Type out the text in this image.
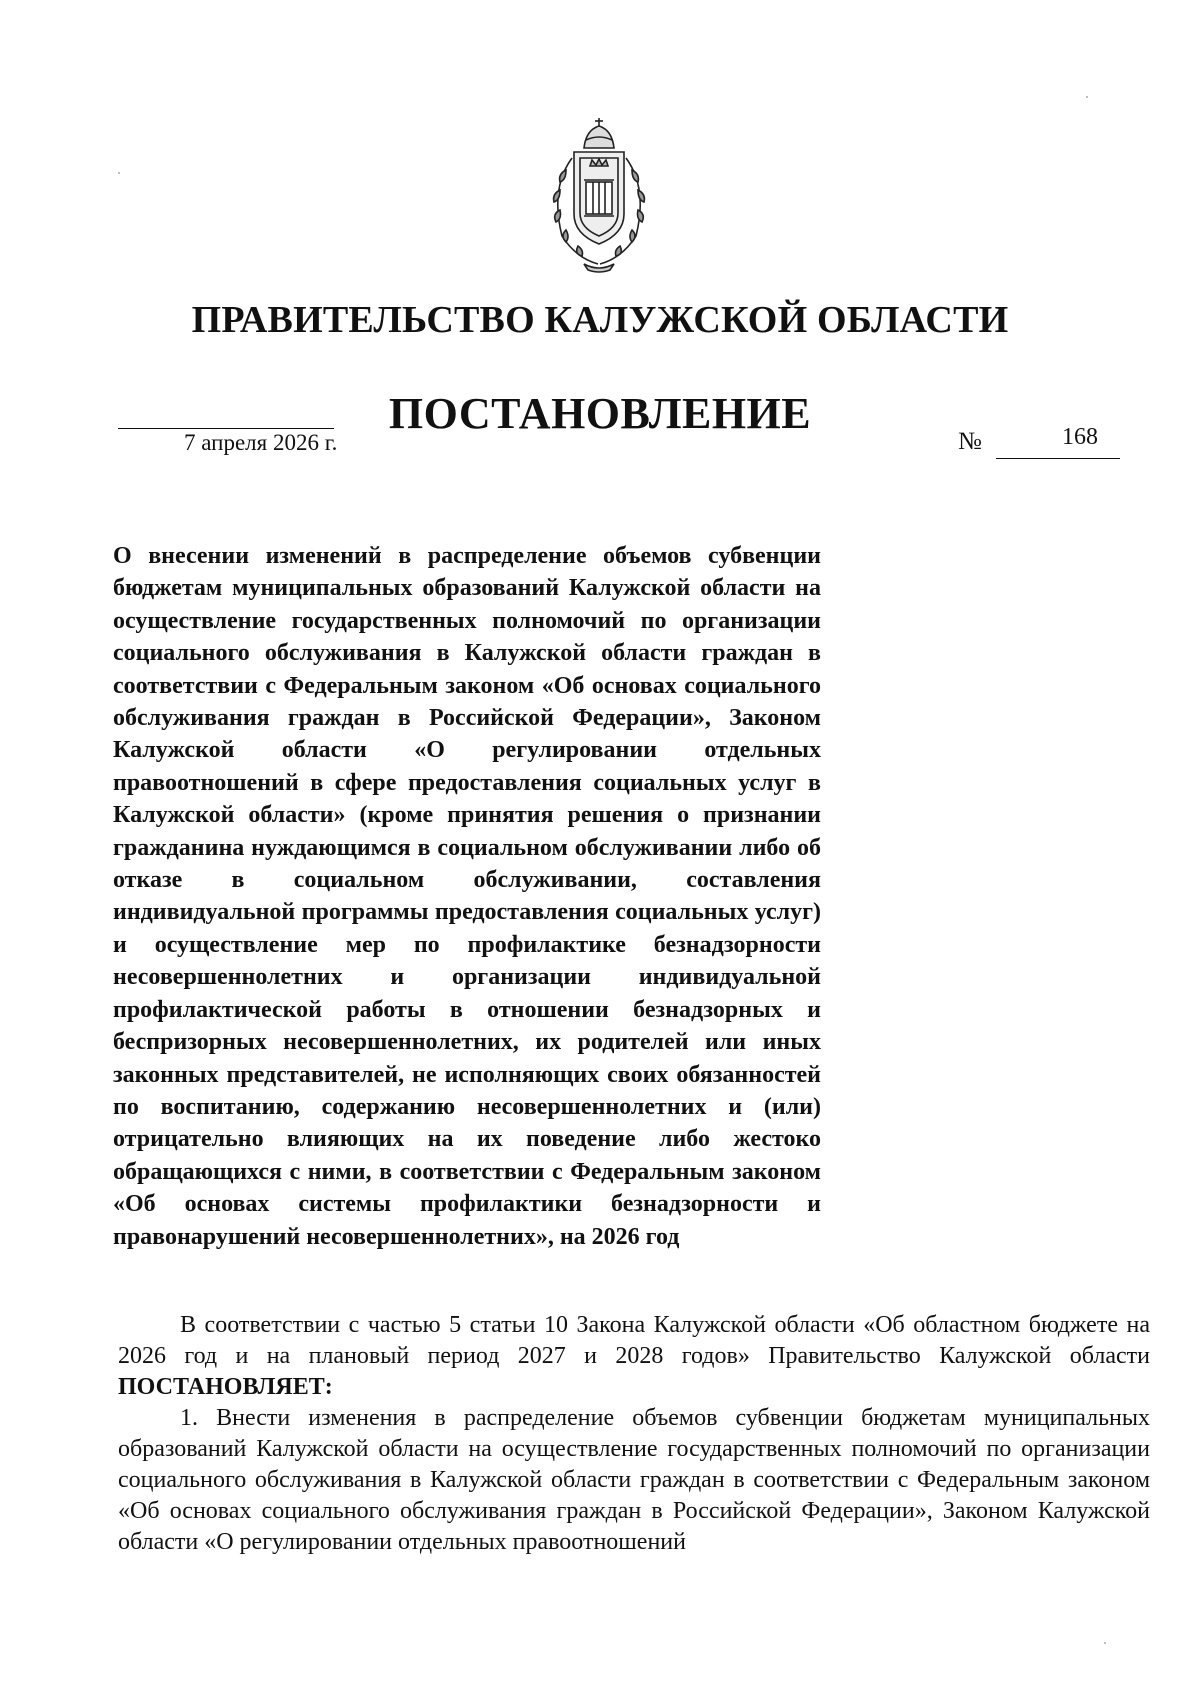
ПРАВИТЕЛЬСТВО КАЛУЖСКОЙ ОБЛАСТИ
ПОСТАНОВЛЕНИЕ
7 апреля 2026 г.	№	168
О внесении изменений в распределение объемов субвенции бюджетам муниципальных образований Калужской области на осуществление государственных полномочий по организации социального обслуживания в Калужской области граждан в соответствии с Федеральным законом «Об основах социального обслуживания граждан в Российской Федерации», Законом Калужской области «О регулировании отдельных правоотношений в сфере предоставления социальных услуг в Калужской области» (кроме принятия решения о признании гражданина нуждающимся в социальном обслуживании либо об отказе в социальном обслуживании, составления индивидуальной программы предоставления социальных услуг) и осуществление мер по профилактике безнадзорности несовершеннолетних и организации индивидуальной профилактической работы в отношении безнадзорных и беспризорных несовершеннолетних, их родителей или иных законных представителей, не исполняющих своих обязанностей по воспитанию, содержанию несовершеннолетних и (или) отрицательно влияющих на их поведение либо жестоко обращающихся с ними, в соответствии с Федеральным законом «Об основах системы профилактики безнадзорности и правонарушений несовершеннолетних», на 2026 год

В соответствии с частью 5 статьи 10 Закона Калужской области «Об областном бюджете на 2026 год и на плановый период 2027 и 2028 годов» Правительство Калужской области ПОСТАНОВЛЯЕТ:

1. Внести изменения в распределение объемов субвенции бюджетам муниципальных образований Калужской области на осуществление государственных полномочий по организации социального обслуживания в Калужской области граждан в соответствии с Федеральным законом «Об основах социального обслуживания граждан в Российской Федерации», Законом Калужской области «О регулировании отдельных правоотношений
